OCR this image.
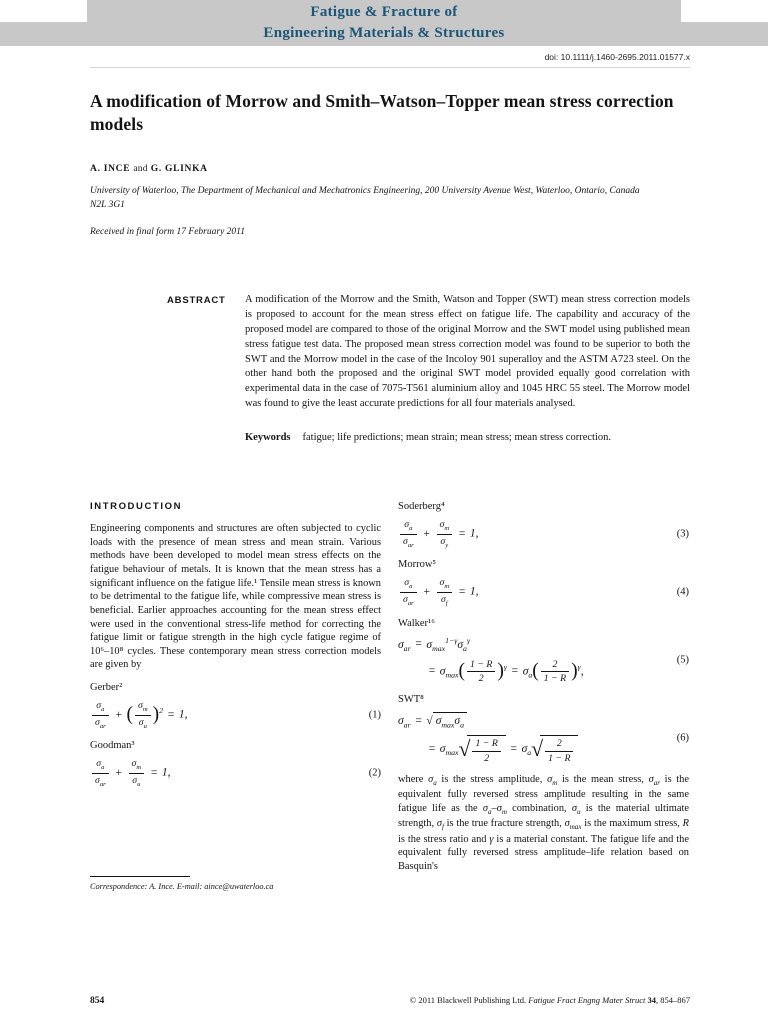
Fatigue & Fracture of
Engineering Materials & Structures
doi: 10.1111/j.1460-2695.2011.01577.x
A modification of Morrow and Smith–Watson–Topper mean stress correction models
A. INCE and G. GLINKA
University of Waterloo, The Department of Mechanical and Mechatronics Engineering, 200 University Avenue West, Waterloo, Ontario, Canada N2L 3G1
Received in final form 17 February 2011
ABSTRACT	A modification of the Morrow and the Smith, Watson and Topper (SWT) mean stress correction models is proposed to account for the mean stress effect on fatigue life. The capability and accuracy of the proposed model are compared to those of the original Morrow and the SWT model using published mean stress fatigue test data. The proposed mean stress correction model was found to be superior to both the SWT and the Morrow model in the case of the Incoloy 901 superalloy and the ASTM A723 steel. On the other hand both the proposed and the original SWT model provided equally good correlation with experimental data in the case of 7075-T561 aluminium alloy and 1045 HRC 55 steel. The Morrow model was found to give the least accurate predictions for all four materials analysed.
Keywords fatigue; life predictions; mean strain; mean stress; mean stress correction.
INTRODUCTION

Engineering components and structures are often subjected to cyclic loads with the presence of mean stress and mean strain. Various methods have been developed to model mean stress effects on the fatigue behaviour of metals. It is known that the mean stress has a significant influence on the fatigue life.¹ Tensile mean stress is known to be detrimental to the fatigue life, while compressive mean stress is beneficial. Earlier approaches accounting for the mean stress effect were used in the conventional stress-life method for correcting the fatigue limit or fatigue strength in the high cycle fatigue regime of 10⁶–10⁸ cycles. These contemporary mean stress correction models are given by

Gerber²
$\sigma_a$
$\sigma_{ar}$
+ ( $\frac{\sigma_m}{\sigma_u} )^2 = 1$,	(1)
Goodman³
$\sigma_a$
$\sigma_{ar}$
+ $\frac{\sigma_m}{\sigma_u} = 1$,	(2)
Correspondence: A. Ince. E-mail: aince@uwaterloo.ca
Soderberg⁴
$\sigma_a$
$\sigma_{ar}$
+ $\frac{\sigma_m}{\sigma_y} = 1$,	(3)
Morrow⁵
$\sigma_a$
$\sigma_{ar}$
+ $\frac{\sigma_m}{\sigma_f} = 1$,	(4)
Walker¹⁶
$\sigma_{ar} = \sigma_{max}^{1-\gamma}\sigma_a^\gamma$
= $\sigma_{max}( \frac{1 - R}{2} )^\gamma = \sigma_a( \frac{2}{1 - R} )^\gamma$,
(5)
SWT⁸
$\sigma_{ar}$ = √ $\sigma_{max}\sigma_a$
= $\sigma_{max}√ \frac{1 - R}{2} = \sigma_a√ \frac{2}{1 - R}$
(6)

where $\sigma_a$ is the stress amplitude, $\sigma_m$ is the mean stress, $\sigma_{ar}$ is the equivalent fully reversed stress amplitude resulting in the same fatigue life as the $\sigma_a-\sigma_m$ combination, $\sigma_u$ is the material ultimate strength, $\sigma_f$ is the true fracture strength, $\sigma_{max}$ is the maximum stress, R is the stress ratio and γ is a material constant. The fatigue life and the equivalent fully reversed stress amplitude–life relation based on Basquin's

854	© 2011 Blackwell Publishing Ltd. Fatigue Fract Engng Mater Struct 34, 854–867
